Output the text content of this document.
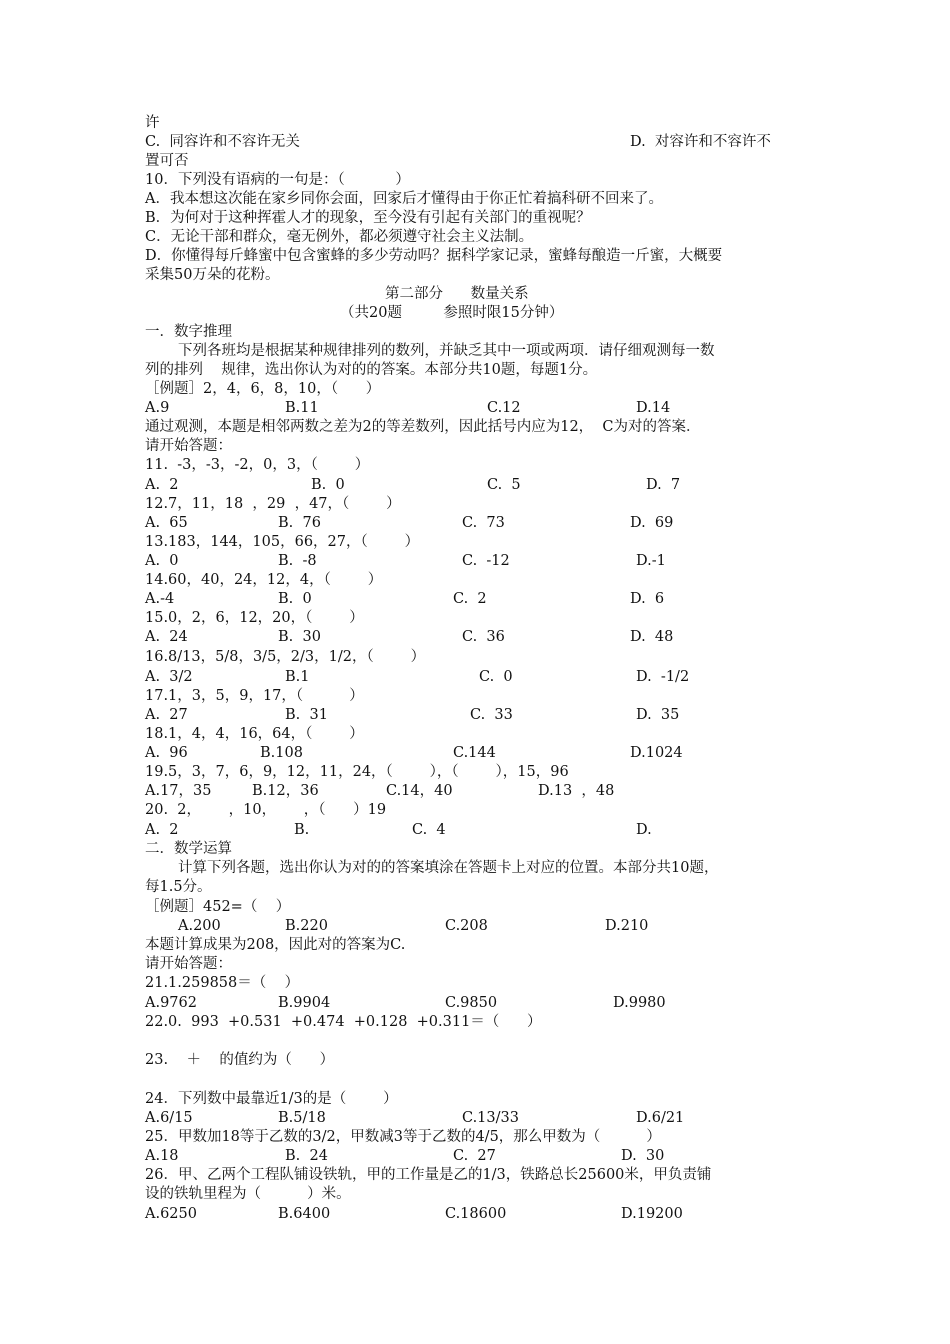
许
C.  同容许和不容许无关	D.  对容许和不容许不
置可否
10．下列没有语病的一句是：（           ）
A．我本想这次能在家乡同你会面，回家后才懂得由于你正忙着搞科研不回来了。
B．为何对于这种挥霍人才的现象，至今没有引起有关部门的重视呢？
C．无论干部和群众，毫无例外，都必须遵守社会主义法制。
D．你懂得每斤蜂蜜中包含蜜蜂的多少劳动吗？据科学家记录，蜜蜂每酿造一斤蜜，大概要
采集50万朵的花粉。
第二部分      数量关系
（共20题         参照时限15分钟）
一．数字推理
下列各班均是根据某种规律排列的数列，并缺乏其中一项或两项．请仔细观测每一数
列的排列    规律，选出你认为对的的答案。本部分共10题，每题1分。
［例题］2，4，6，8，10，（      ）
A.9	B.11	C.12	D.14
通过观测，本题是相邻两数之差为2的等差数列，因此括号内应为12，  C为对的答案．
请开始答题：
11.  -3，-3，-2，0，3，（        ）
A.  2	B.  0	C.  5	D.  7
12.7，11，18  ，29  ，47，（        ）
A.  65	B.  76	C.  73	D.  69
13.183，144，105，66，27，（        ）
A.  0	B.  -8	C.  -12	D.-1
14.60，40，24，12，4，（        ）
A.-4	B.  0	C.  2	D.  6
15.0，2，6，12，20，（        ）
A.  24	B.  30	C.  36	D.  48
16.8/13，5/8，3/5，2/3，1/2，（        ）
A.  3/2	B.1	C.  0	D.  -1/2
17.1，3，5，9，17，（          ）
A.  27	B.  31	C.  33	D.  35
18.1，4，4，16，64，（        ）
A.  96	B.108	C.144	D.1024
19.5，3，7，6，9，12，11，24，（        ），（        ），15，96
A.17，35	B.12，36	C.14，40	D.13  ，48
20.  2，      ，10，      ，（      ）19
A.  2	B.	C.  4	D.
二．数学运算
计算下列各题，选出你认为对的的答案填涂在答题卡上对应的位置。本部分共10题，
每1.5分。
［例题］452=（    ）
A.200	B.220	C.208	D.210
本题计算成果为208，因此对的答案为C.
请开始答题：
21.1.259858＝（    ）
A.9762	B.9904	C.9850	D.9980
22.0.  993  +0.531  +0.474  +0.128  +0.311＝（      ）
23.    ＋    的值约为（      ）
24．下列数中最靠近1/3的是（        ）
A.6/15	B.5/18	C.13/33	D.6/21
25．甲数加18等于乙数的3/2，甲数减3等于乙数的4/5，那么甲数为（          ）
A.18	B.  24	C.  27	D.  30
26．甲、乙两个工程队铺设铁轨，甲的工作量是乙的1/3，铁路总长25600米，甲负责铺
设的铁轨里程为（          ）米。
A.6250	B.6400	C.18600	D.19200
